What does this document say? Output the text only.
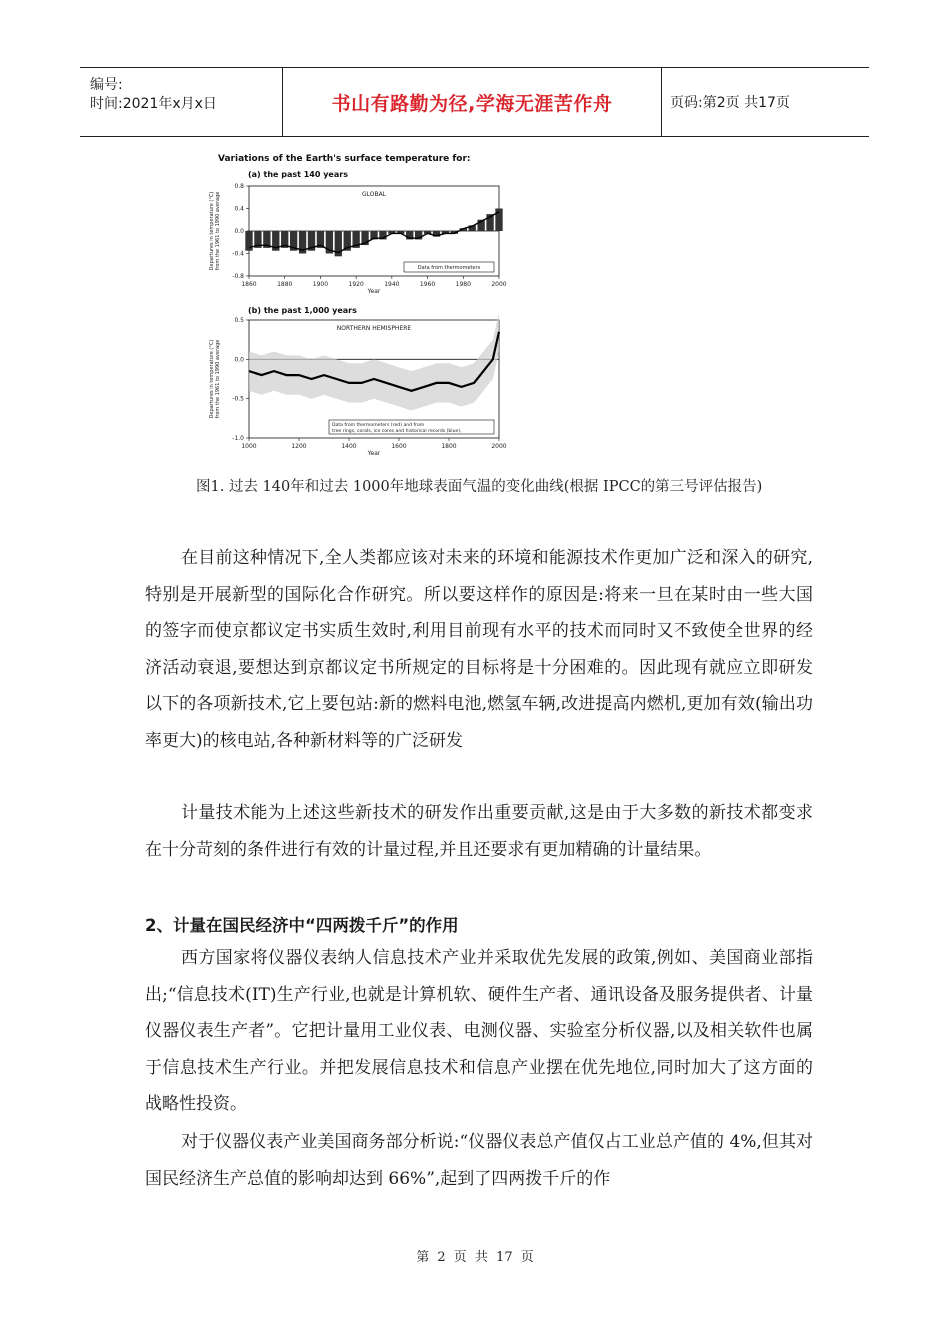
编号:
时间:2021年x月x日	书山有路勤为径,学海无涯苦作舟	页码:第2页 共17页
Variations of the Earth's surface temperature for:
(a) the past 140 years
(b) the past 1,000 years
0.8
0.4
0.0
-0.4
-0.8
1860	1880	1900	1920	1940	1960	1980	2000
Year
Departures in temperature (°C) from the 1961 to 1990 average	GLOBAL
Data from thermometers
0.5
0.0
-0.5
-1.0
1000	1200	1400	1600	1800	2000
Year
Departures in temperature (°C) from the 1961 to 1990 average
NORTHERN HEMISPHERE
Data from thermometers (red) and from
tree rings, corals, ice cores and historical records (blue).
图1. 过去 140年和过去 1000年地球表面气温的变化曲线(根据 IPCC的第三号评估报告)
在目前这种情况下,全人类都应该对未来的环境和能源技术作更加广泛和深入的研究,特别是开展新型的国际化合作研究。所以要这样作的原因是:将来一旦在某时由一些大国的签字而使京都议定书实质生效时,利用目前现有水平的技术而同时又不致使全世界的经济活动衰退,要想达到京都议定书所规定的目标将是十分困难的。因此现有就应立即研发以下的各项新技术,它上要包站:新的燃料电池,燃氢车辆,改进提高内燃机,更加有效(输出功率更大)的核电站,各种新材料等的广泛研发
计量技术能为上述这些新技术的研发作出重要贡献,这是由于大多数的新技术都变求在十分苛刻的条件进行有效的计量过程,并且还要求有更加精确的计量结果。
2、计量在国民经济中“四两拨千斤”的作用
西方国家将仪器仪表纳人信息技术产业并采取优先发展的政策,例如、美国商业部指出;“信息技术(IT)生产行业,也就是计算机软、硬件生产者、通讯设备及服务提供者、计量仪器仪表生产者”。它把计量用工业仪表、电测仪器、实验室分析仪器,以及相关软件也属于信息技术生产行业。并把发展信息技术和信息产业摆在优先地位,同时加大了这方面的战略性投资。
对于仪器仪表产业美国商务部分析说:“仪器仪表总产值仅占工业总产值的 4%,但其对国民经济生产总值的影响却达到 66%”,起到了四两拨千斤的作
第 2 页 共 17 页
